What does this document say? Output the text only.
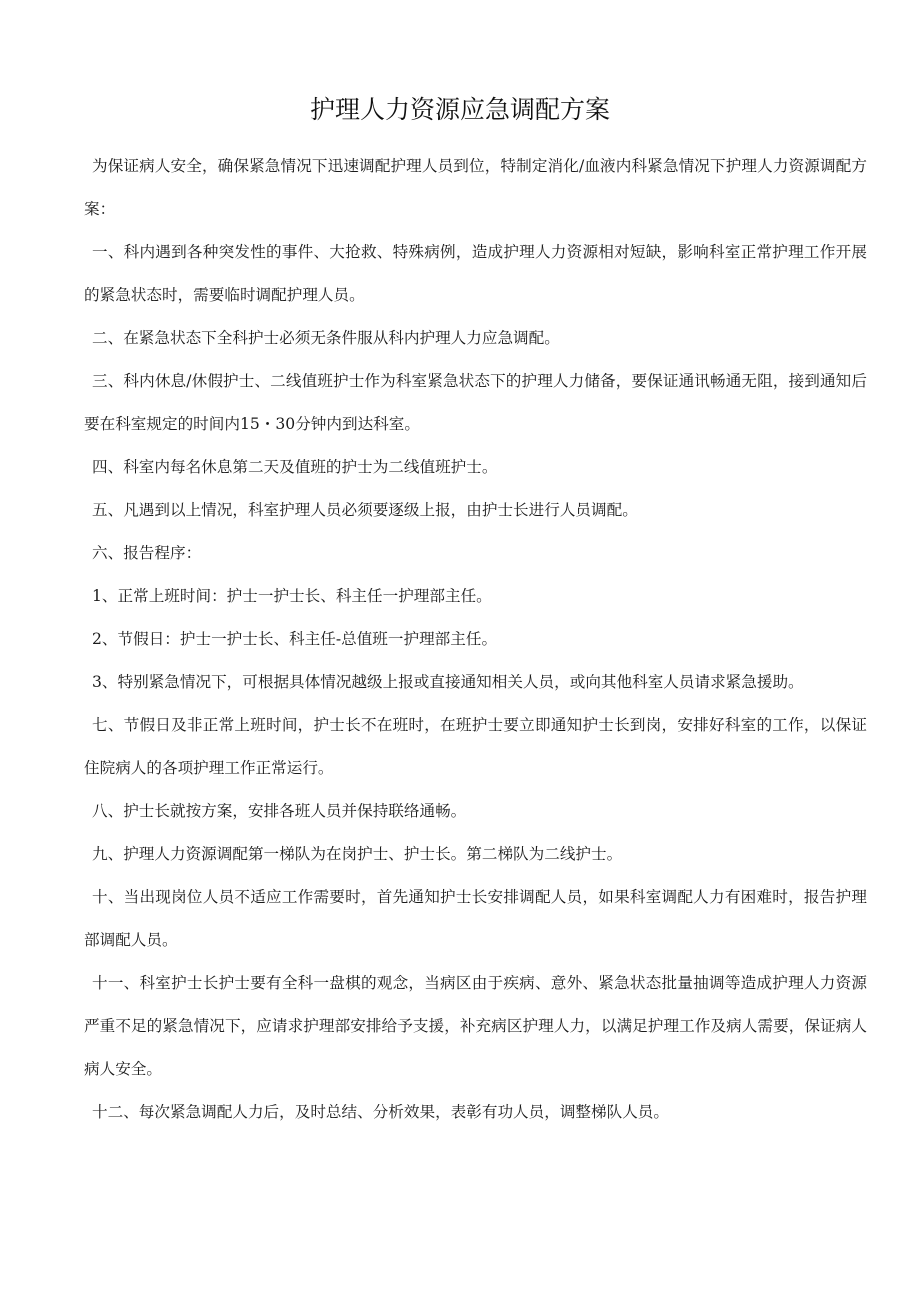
护理人力资源应急调配方案

为保证病人安全，确保紧急情况下迅速调配护理人员到位，特制定消化/血液内科紧急情况下护理人力资源调配方案：

一、科内遇到各种突发性的事件、大抢救、特殊病例，造成护理人力资源相对短缺，影响科室正常护理工作开展的紧急状态时，需要临时调配护理人员。

二、在紧急状态下全科护士必须无条件服从科内护理人力应急调配。

三、科内休息/休假护士、二线值班护士作为科室紧急状态下的护理人力储备，要保证通讯畅通无阻，接到通知后要在科室规定的时间内15・30分钟内到达科室。

四、科室内每名休息第二天及值班的护士为二线值班护士。

五、凡遇到以上情况，科室护理人员必须要逐级上报，由护士长进行人员调配。

六、报告程序：

1、正常上班时间：护士一护士长、科主任一护理部主任。

2、节假日：护士一护士长、科主任-总值班一护理部主任。

3、特别紧急情况下，可根据具体情况越级上报或直接通知相关人员，或向其他科室人员请求紧急援助。

七、节假日及非正常上班时间，护士长不在班时，在班护士要立即通知护士长到岗，安排好科室的工作，以保证住院病人的各项护理工作正常运行。

八、护士长就按方案，安排各班人员并保持联络通畅。

九、护理人力资源调配第一梯队为在岗护士、护士长。第二梯队为二线护士。

十、当出现岗位人员不适应工作需要时，首先通知护士长安排调配人员，如果科室调配人力有困难时，报告护理部调配人员。

十一、科室护士长护士要有全科一盘棋的观念，当病区由于疾病、意外、紧急状态批量抽调等造成护理人力资源严重不足的紧急情况下，应请求护理部安排给予支援，补充病区护理人力，以满足护理工作及病人需要，保证病人病人安全。

十二、每次紧急调配人力后，及时总结、分析效果，表彰有功人员，调整梯队人员。
